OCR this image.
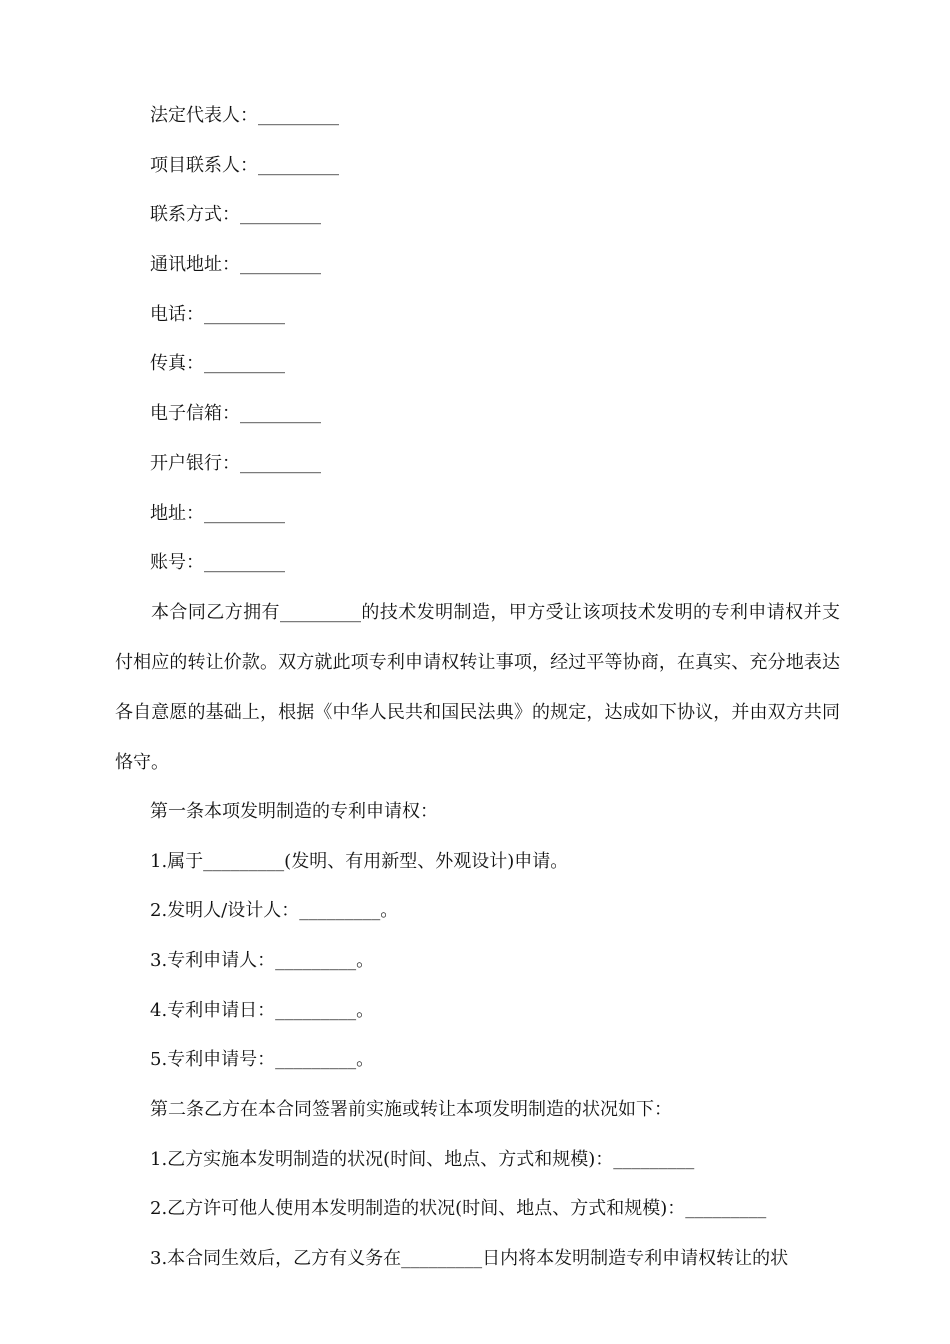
法定代表人：_________
项目联系人：_________
联系方式：_________
通讯地址：_________
电话：_________
传真：_________
电子信箱：_________
开户银行：_________
地址：_________
账号：_________

本合同乙方拥有_________的技术发明制造，甲方受让该项技术发明的专利申请权并支付相应的转让价款。双方就此项专利申请权转让事项，经过平等协商，在真实、充分地表达各自意愿的基础上，根据《中华人民共和国民法典》的规定，达成如下协议，并由双方共同恪守。

第一条本项发明制造的专利申请权：
1.属于_________(发明、有用新型、外观设计)申请。
2.发明人/设计人：_________。
3.专利申请人：_________。
4.专利申请日：_________。
5.专利申请号：_________。
第二条乙方在本合同签署前实施或转让本项发明制造的状况如下：
1.乙方实施本发明制造的状况(时间、地点、方式和规模)：_________
2.乙方许可他人使用本发明制造的状况(时间、地点、方式和规模)：_________
3.本合同生效后，乙方有义务在_________日内将本发明制造专利申请权转让的状
